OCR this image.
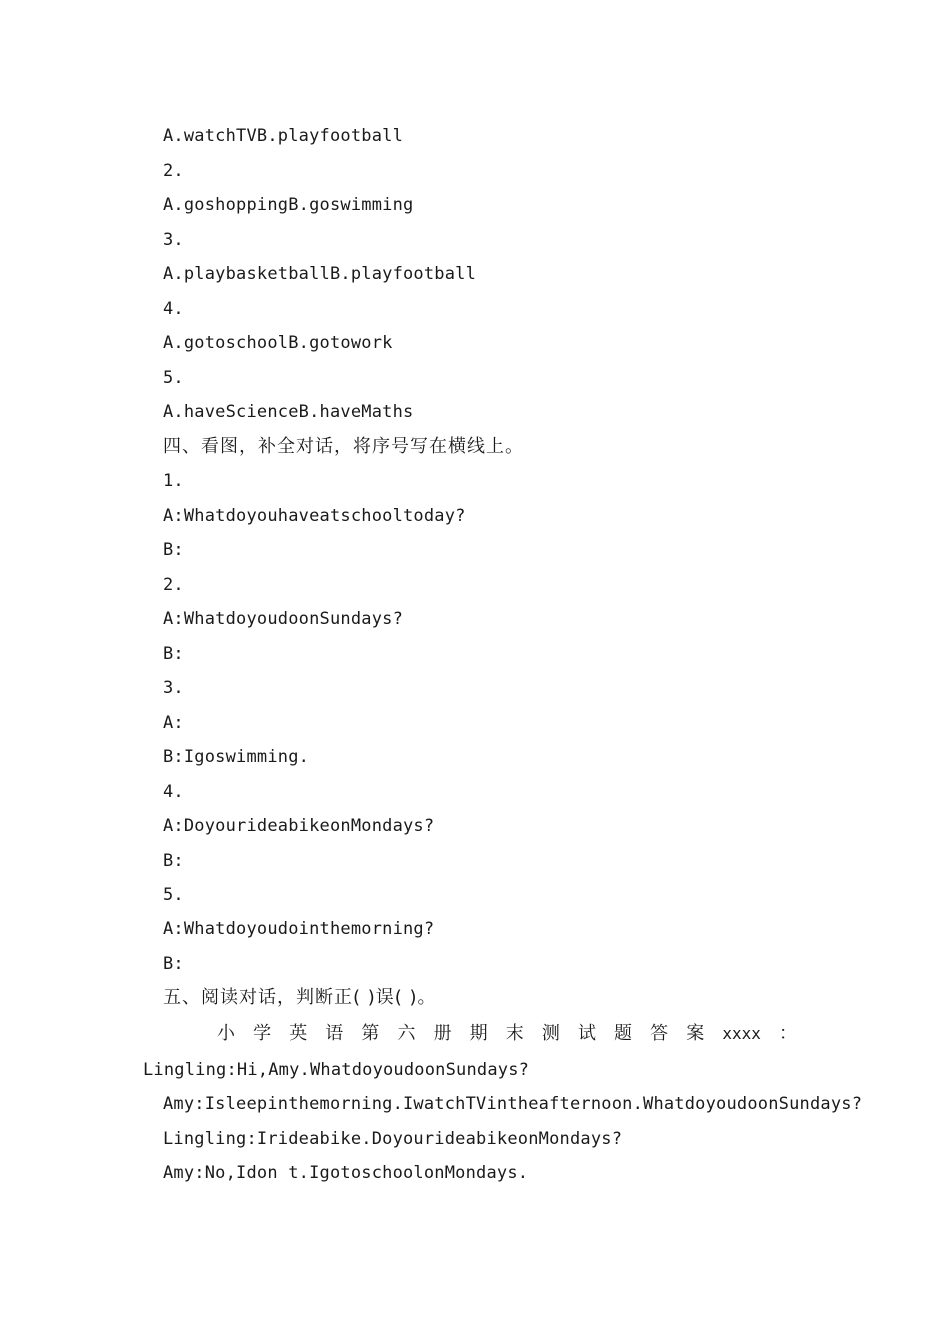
A.watchTVB.playfootball
2.
A.goshoppingB.goswimming
3.
A.playbasketballB.playfootball
4.
A.gotoschoolB.gotowork
5.
A.haveScienceB.haveMaths
四、看图，补全对话，将序号写在横线上。
1.
A:Whatdoyouhaveatschooltoday?
B:
2.
A:WhatdoyoudoonSundays?
B:
3.
A:
B:Igoswimming.
4.
A:DoyourideabikeonMondays?
B:
5.
A:Whatdoyoudointhemorning?
B:
五、阅读对话，判断正( )误( )。
小 学 英 语 第 六 册 期 末 测 试 题 答 案 xxxx ：
Lingling:Hi,Amy.WhatdoyoudoonSundays?
Amy:Isleepinthemorning.IwatchTVintheafternoon.WhatdoyoudoonSundays?
Lingling:Irideabike.DoyourideabikeonMondays?
Amy:No,Idon t.IgotoschoolonMondays.
